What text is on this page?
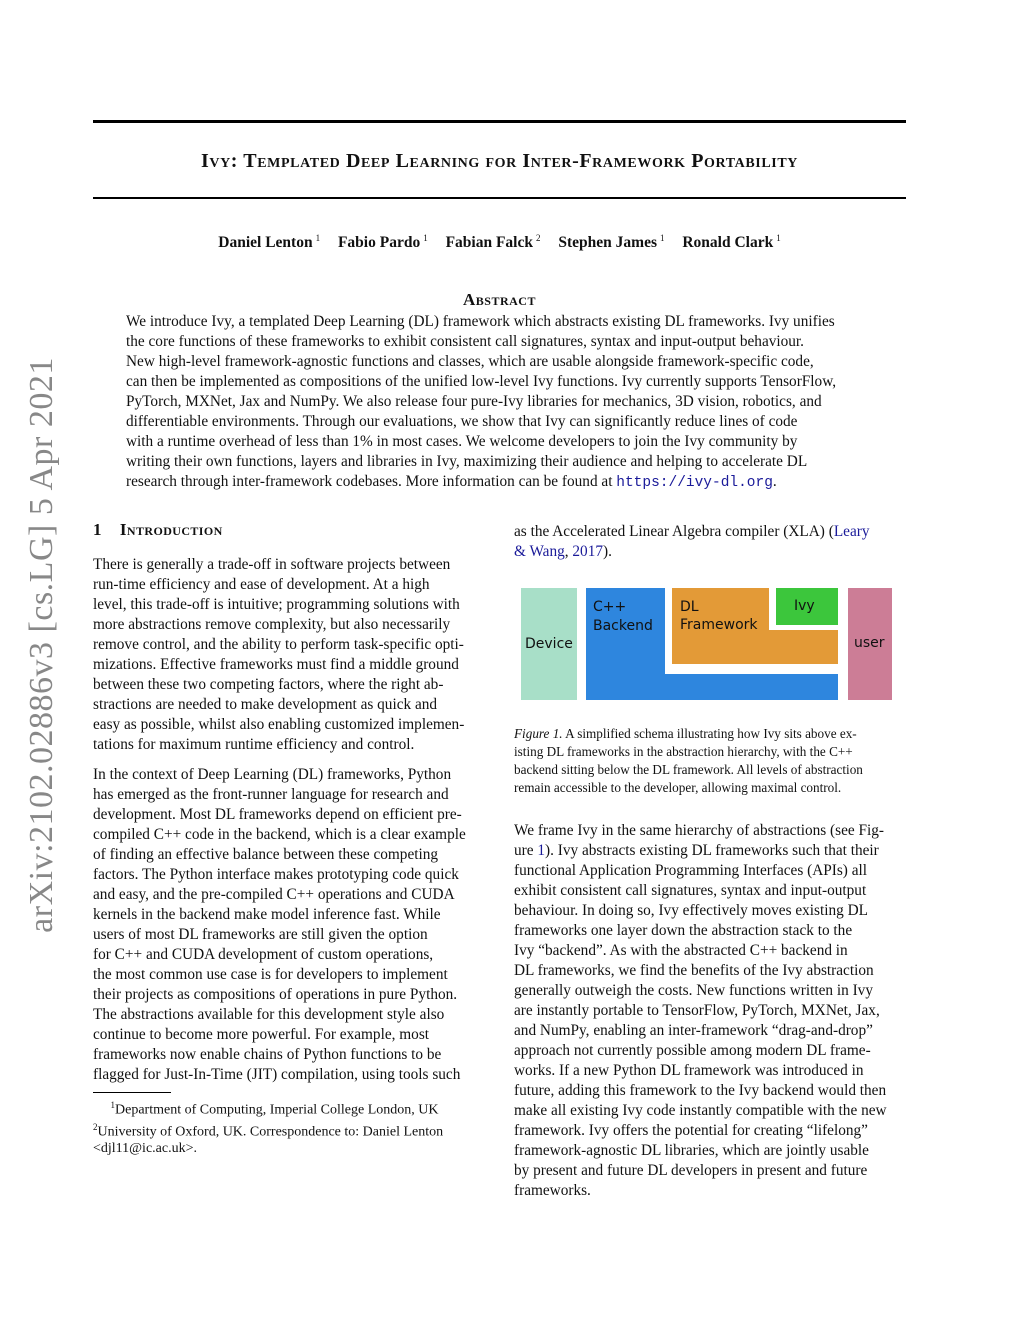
Ivy: Templated Deep Learning for Inter-Framework Portability
Daniel Lenton $^1$ Fabio Pardo $^1$ Fabian Falck $^2$ Stephen James $^1$ Ronald Clark $^1$
Abstract
We introduce Ivy, a templated Deep Learning (DL) framework which abstracts existing DL frameworks. Ivy unifies
the core functions of these frameworks to exhibit consistent call signatures, syntax and input-output behaviour.
New high-level framework-agnostic functions and classes, which are usable alongside framework-specific code,
can then be implemented as compositions of the unified low-level Ivy functions. Ivy currently supports TensorFlow,
PyTorch, MXNet, Jax and NumPy. We also release four pure-Ivy libraries for mechanics, 3D vision, robotics, and
differentiable environments. Through our evaluations, we show that Ivy can significantly reduce lines of code
with a runtime overhead of less than 1% in most cases. We welcome developers to join the Ivy community by
writing their own functions, layers and libraries in Ivy, maximizing their audience and helping to accelerate DL
research through inter-framework codebases. More information can be found at https://ivy-dl.org.
arXiv:2102.02886v3 [cs.LG] 5 Apr 2021 1 Introduction
There is generally a trade-off in software projects between
run-time efficiency and ease of development. At a high
level, this trade-off is intuitive; programming solutions with
more abstractions remove complexity, but also necessarily
remove control, and the ability to perform task-specific opti-
mizations. Effective frameworks must find a middle ground
between these two competing factors, where the right ab-
stractions are needed to make development as quick and
easy as possible, whilst also enabling customized implemen-
tations for maximum runtime efficiency and control.
In the context of Deep Learning (DL) frameworks, Python
has emerged as the front-runner language for research and
development. Most DL frameworks depend on efficient pre-
compiled C++ code in the backend, which is a clear example
of finding an effective balance between these competing
factors. The Python interface makes prototyping code quick
and easy, and the pre-compiled C++ operations and CUDA
kernels in the backend make model inference fast. While
users of most DL frameworks are still given the option
for C++ and CUDA development of custom operations,
the most common use case is for developers to implement
their projects as compositions of operations in pure Python.
The abstractions available for this development style also
continue to become more powerful. For example, most
frameworks now enable chains of Python functions to be
flagged for Just-In-Time (JIT) compilation, using tools such
$^1$Department of Computing, Imperial College London, UK
$^2$University of Oxford, UK. Correspondence to: Daniel Lenton
<djl11@ic.ac.uk>.
as the Accelerated Linear Algebra compiler (XLA) (Leary
& Wang, 2017).
Device
C++
Backend
DL
Framework
Ivy
user
Figure 1. A simplified schema illustrating how Ivy sits above ex-
isting DL frameworks in the abstraction hierarchy, with the C++
backend sitting below the DL framework. All levels of abstraction
remain accessible to the developer, allowing maximal control.
We frame Ivy in the same hierarchy of abstractions (see Fig-
ure 1). Ivy abstracts existing DL frameworks such that their
functional Application Programming Interfaces (APIs) all
exhibit consistent call signatures, syntax and input-output
behaviour. In doing so, Ivy effectively moves existing DL
frameworks one layer down the abstraction stack to the
Ivy “backend”. As with the abstracted C++ backend in
DL frameworks, we find the benefits of the Ivy abstraction
generally outweigh the costs. New functions written in Ivy
are instantly portable to TensorFlow, PyTorch, MXNet, Jax,
and NumPy, enabling an inter-framework “drag-and-drop”
approach not currently possible among modern DL frame-
works. If a new Python DL framework was introduced in
future, adding this framework to the Ivy backend would then
make all existing Ivy code instantly compatible with the new
framework. Ivy offers the potential for creating “lifelong”
framework-agnostic DL libraries, which are jointly usable
by present and future DL developers in present and future
frameworks.
